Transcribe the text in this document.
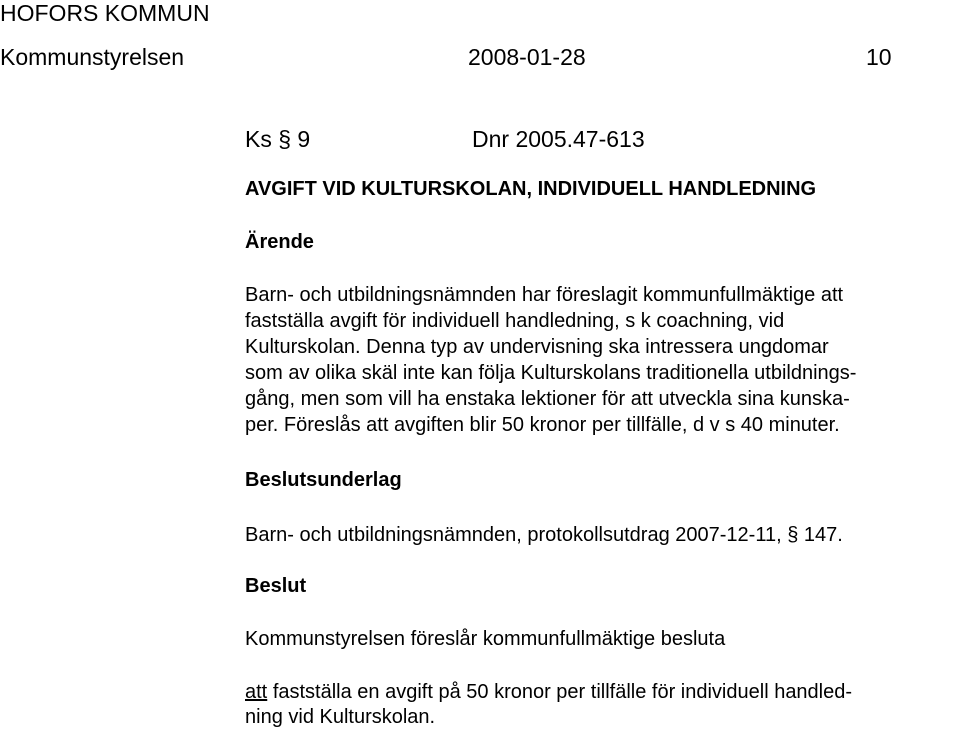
HOFORS KOMMUN
Kommunstyrelsen	2008-01-28	10
Ks § 9	Dnr 2005.47-613
AVGIFT VID KULTURSKOLAN, INDIVIDUELL HANDLEDNING
Ärende
Barn- och utbildningsnämnden har föreslagit kommunfullmäktige att
fastställa avgift för individuell handledning, s k coachning, vid
Kulturskolan. Denna typ av undervisning ska intressera ungdomar
som av olika skäl inte kan följa Kulturskolans traditionella utbildnings-
gång, men som vill ha enstaka lektioner för att utveckla sina kunska-
per. Föreslås att avgiften blir 50 kronor per tillfälle, d v s 40 minuter.
Beslutsunderlag
Barn- och utbildningsnämnden, protokollsutdrag 2007-12-11, § 147.
Beslut
Kommunstyrelsen föreslår kommunfullmäktige besluta
att fastställa en avgift på 50 kronor per tillfälle för individuell handled-
ning vid Kulturskolan.
